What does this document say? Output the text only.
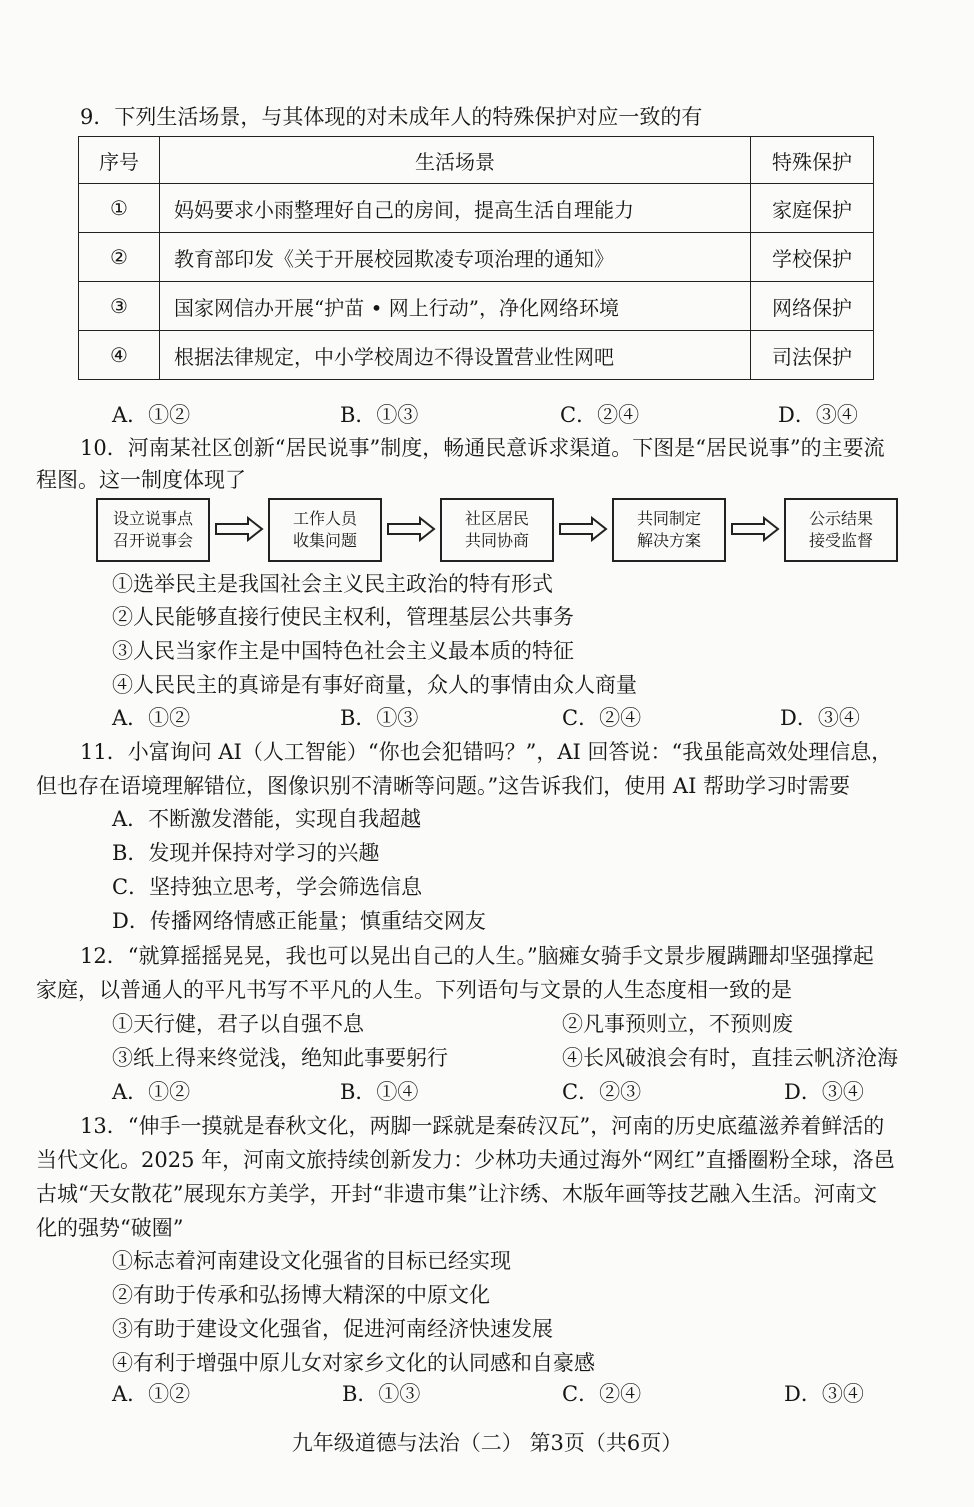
9．下列生活场景，与其体现的对未成年人的特殊保护对应一致的有
序号	生活场景	特殊保护
①	妈妈要求小雨整理好自己的房间，提高生活自理能力	家庭保护
②	教育部印发《关于开展校园欺凌专项治理的通知》	学校保护
③	国家网信办开展“护苗 • 网上行动”，净化网络环境	网络保护
④	根据法律规定，中小学校周边不得设置营业性网吧	司法保护
A．①②	B．①③	C．②④	D．③④
10．河南某社区创新“居民说事”制度，畅通民意诉求渠道。下图是“居民说事”的主要流
程图。这一制度体现了
设立说事点
召开说事会
工作人员
收集问题
社区居民
共同协商
共同制定
解决方案
公示结果
接受监督
①选举民主是我国社会主义民主政治的特有形式
②人民能够直接行使民主权利，管理基层公共事务
③人民当家作主是中国特色社会主义最本质的特征
④人民民主的真谛是有事好商量，众人的事情由众人商量
A．①②	B．①③	C．②④	D．③④
11．小富询问 AI（人工智能）“你也会犯错吗？”，AI 回答说：“我虽能高效处理信息，
但也存在语境理解错位，图像识别不清晰等问题。”这告诉我们，使用 AI 帮助学习时需要
A．不断激发潜能，实现自我超越
B．发现并保持对学习的兴趣
C．坚持独立思考，学会筛选信息
D．传播网络情感正能量；慎重结交网友
12．“就算摇摇晃晃，我也可以晃出自己的人生。”脑瘫女骑手文景步履蹒跚却坚强撑起
家庭，以普通人的平凡书写不平凡的人生。下列语句与文景的人生态度相一致的是
①天行健，君子以自强不息	②凡事预则立，不预则废
③纸上得来终觉浅，绝知此事要躬行	④长风破浪会有时，直挂云帆济沧海
A．①②	B．①④	C．②③	D．③④
13．“伸手一摸就是春秋文化，两脚一踩就是秦砖汉瓦”，河南的历史底蕴滋养着鲜活的
当代文化。2025 年，河南文旅持续创新发力：少林功夫通过海外“网红”直播圈粉全球，洛邑
古城“天女散花”展现东方美学，开封“非遗市集”让汴绣、木版年画等技艺融入生活。河南文
化的强势“破圈”
①标志着河南建设文化强省的目标已经实现
②有助于传承和弘扬博大精深的中原文化
③有助于建设文化强省，促进河南经济快速发展
④有利于增强中原儿女对家乡文化的认同感和自豪感
A．①②	B．①③	C．②④	D．③④
九年级道德与法治（二） 第3页（共6页）
